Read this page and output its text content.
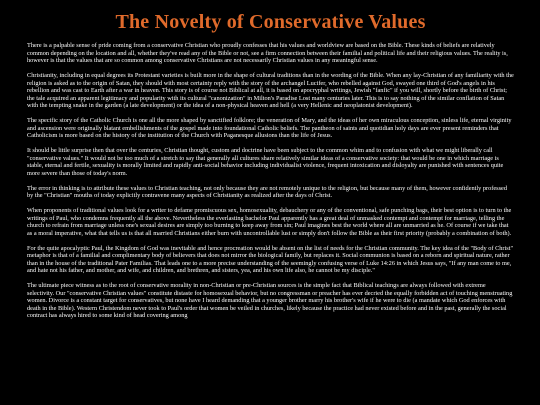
The Novelty of Conservative Values

There is a palpable sense of pride coming from a conservative Christian who proudly confesses that his values and worldview are based on the Bible. These kinds of beliefs are relatively common depending on the location and all, whether they've read any of the Bible or not, see a firm connection between their familial and political life and their religious values. The reality is, however is that the values that are so common among conservative Christians are not necessarily Christian values in any meaningful sense.

Christianity, including in equal degrees its Protestant varieties is built more in the shape of cultural traditions than in the wording of the Bible. When any lay-Christian of any familiarity with the religion is asked as to the origin of Satan, they should with most certainty reply with the story of the archangel Lucifer, who rebelled against God, swayed one third of God's angels in his rebellion and was cast to Earth after a war in heaven. This story is of course not Biblical at all, it is based on apocryphal writings, Jewish "fanfic" if you will, shortly before the birth of Christ; the tale acquired an apparent legitimacy and popularity with its cultural "canonization" in Milton's Paradise Lost many centuries later. This is to say nothing of the similar conflation of Satan with the tempting snake in the garden (a late development) or the idea of a non-physical heaven and hell (a very Hellenic and neoplatonist development).

The specific story of the Catholic Church is one all the more shaped by sanctified folklore; the veneration of Mary, and the ideas of her own miraculous conception, sinless life, eternal virginity and ascension were originally blatant embellishments of the gospel made into foundational Catholic beliefs. The pantheon of saints and quotidian holy days are ever present reminders that Catholicism is more based on the history of the institution of the Church with Paganesque allusions than the life of Jesus.

It should be little surprise then that over the centuries, Christian thought, custom and doctrine have been subject to the common whim and to confusion with what we might liberally call "conservative values." It would not be too much of a stretch to say that generally all cultures share relatively similar ideas of a conservative society: that would be one in which marriage is stable, eternal and fertile, sexuality is morally limited and rapidly anti-social behavior including individualist violence, frequent intoxication and disloyalty are punished with sentences quite more severe than those of today's norm.

The error in thinking is to attribute these values to Christian teaching, not only because they are not remotely unique to the religion, but because many of them, however confidently professed by the "Christian" mouths of today explicitly contravene many aspects of Christianity as realized after the days of Christ.

When proponents of traditional values look for a writer to defame promiscuous sex, homosexuality, debauchery or any of the conventional, safe punching bags, their best option is to turn to the writings of Paul, who condemns frequently all the above. Nevertheless the everlasting bachelor Paul apparently has a great deal of unmasked contempt and contempt for marriage, telling the church to refrain from marriage unless one's sexual desires are simply too burning to keep away from sin; Paul imagines best the world where all are unmarried as he. Of course if we take that as a moral imperative, what that tells us is that all married Christians either burn with uncontrollable lust or simply don't follow the Bible as their first priority (probably a combination of both).

For the quite apocalyptic Paul, the Kingdom of God was inevitable and hence procreation would be absent on the list of needs for the Christian community. The key idea of the "Body of Christ" metaphor is that of a familial and complimentary body of believers that does not mirror the biological family, but replaces it. Social communion is based on a reborn and spiritual nature, rather than in the house of the traditional Pater Familias. That leads one to a more precise understanding of the seemingly confusing verse of Luke 14:26 in which Jesus says, "If any man come to me, and hate not his father, and mother, and wife, and children, and brethren, and sisters, yea, and his own life also, he cannot be my disciple."

The ultimate piece witness as to the root of conservative morality in non-Christian or pre-Christian sources is the simple fact that Biblical teachings are always followed with extreme selectivity. Our "conservative Christian values" constitute distaste for homosexual behavior, but no congressman or preacher has ever decried the equally forbidden act of touching menstruating women. Divorce is a constant target for conservatives, but none have I heard demanding that a younger brother marry his brother's wife if he were to die (a mandate which God enforces with death in the Bible). Western Christendom never took to Paul's order that women be veiled in churches, likely because the practice had never existed before and in the past, generally the social contract has always hired to some kind of head covering among
